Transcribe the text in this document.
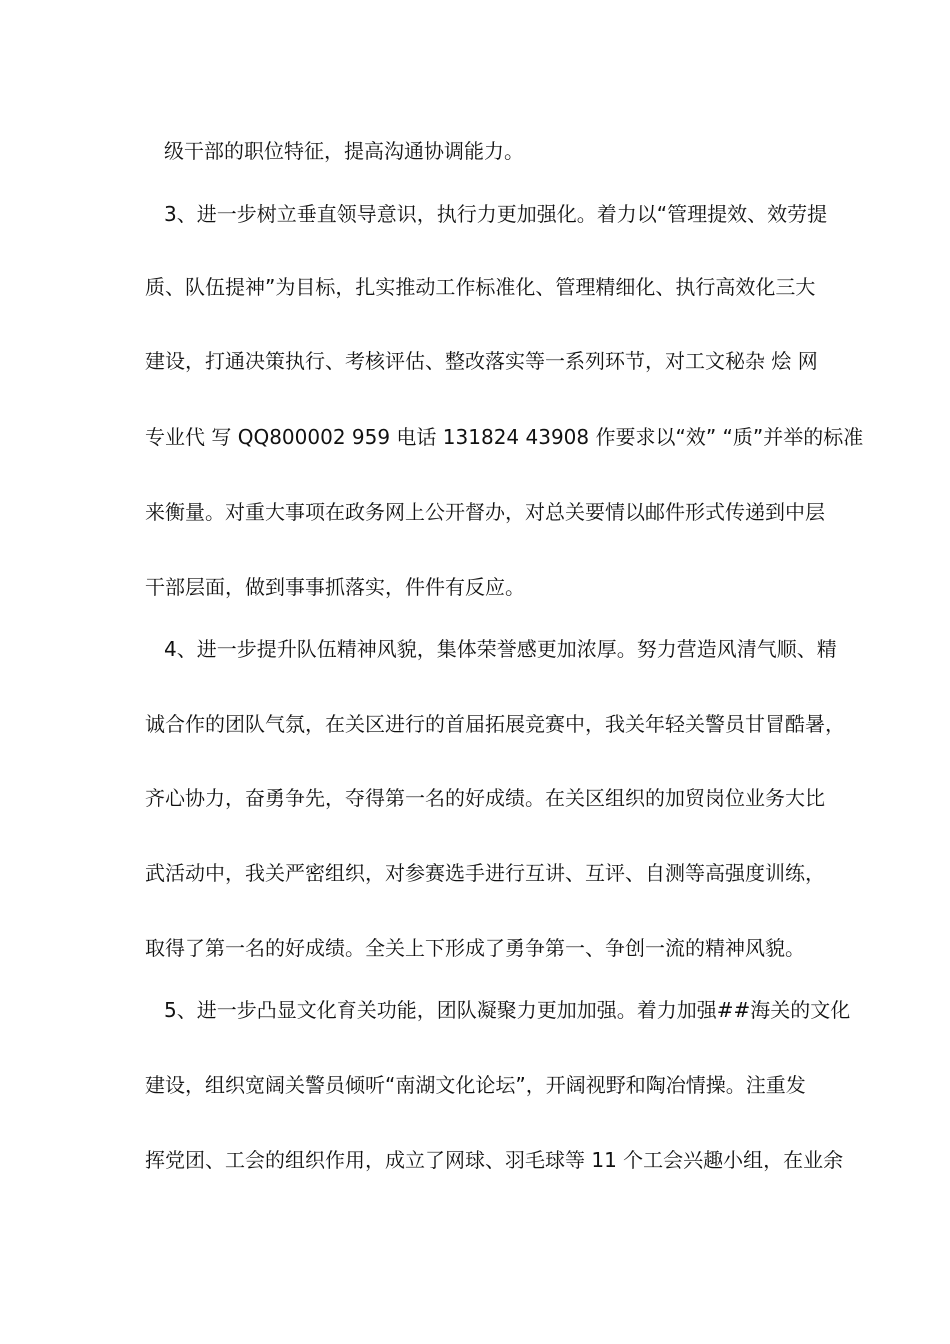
级干部的职位特征，提高沟通协调能力。
3、进一步树立垂直领导意识，执行力更加强化。着力以“管理提效、效劳提
质、队伍提神”为目标，扎实推动工作标准化、管理精细化、执行高效化三大
建设，打通决策执行、考核评估、整改落实等一系列环节，对工文秘杂 烩 网
专业代 写 QQ800002 959 电话 131824 43908 作要求以“效” “质”并举的标准
来衡量。对重大事项在政务网上公开督办，对总关要情以邮件形式传递到中层
干部层面，做到事事抓落实，件件有反应。
4、进一步提升队伍精神风貌，集体荣誉感更加浓厚。努力营造风清气顺、精
诚合作的团队气氛，在关区进行的首届拓展竞赛中，我关年轻关警员甘冒酷暑，
齐心协力，奋勇争先，夺得第一名的好成绩。在关区组织的加贸岗位业务大比
武活动中，我关严密组织，对参赛选手进行互讲、互评、自测等高强度训练，
取得了第一名的好成绩。全关上下形成了勇争第一、争创一流的精神风貌。
5、进一步凸显文化育关功能，团队凝聚力更加加强。着力加强##海关的文化
建设，组织宽阔关警员倾听“南湖文化论坛”，开阔视野和陶冶情操。注重发
挥党团、工会的组织作用，成立了网球、羽毛球等 11 个工会兴趣小组，在业余
